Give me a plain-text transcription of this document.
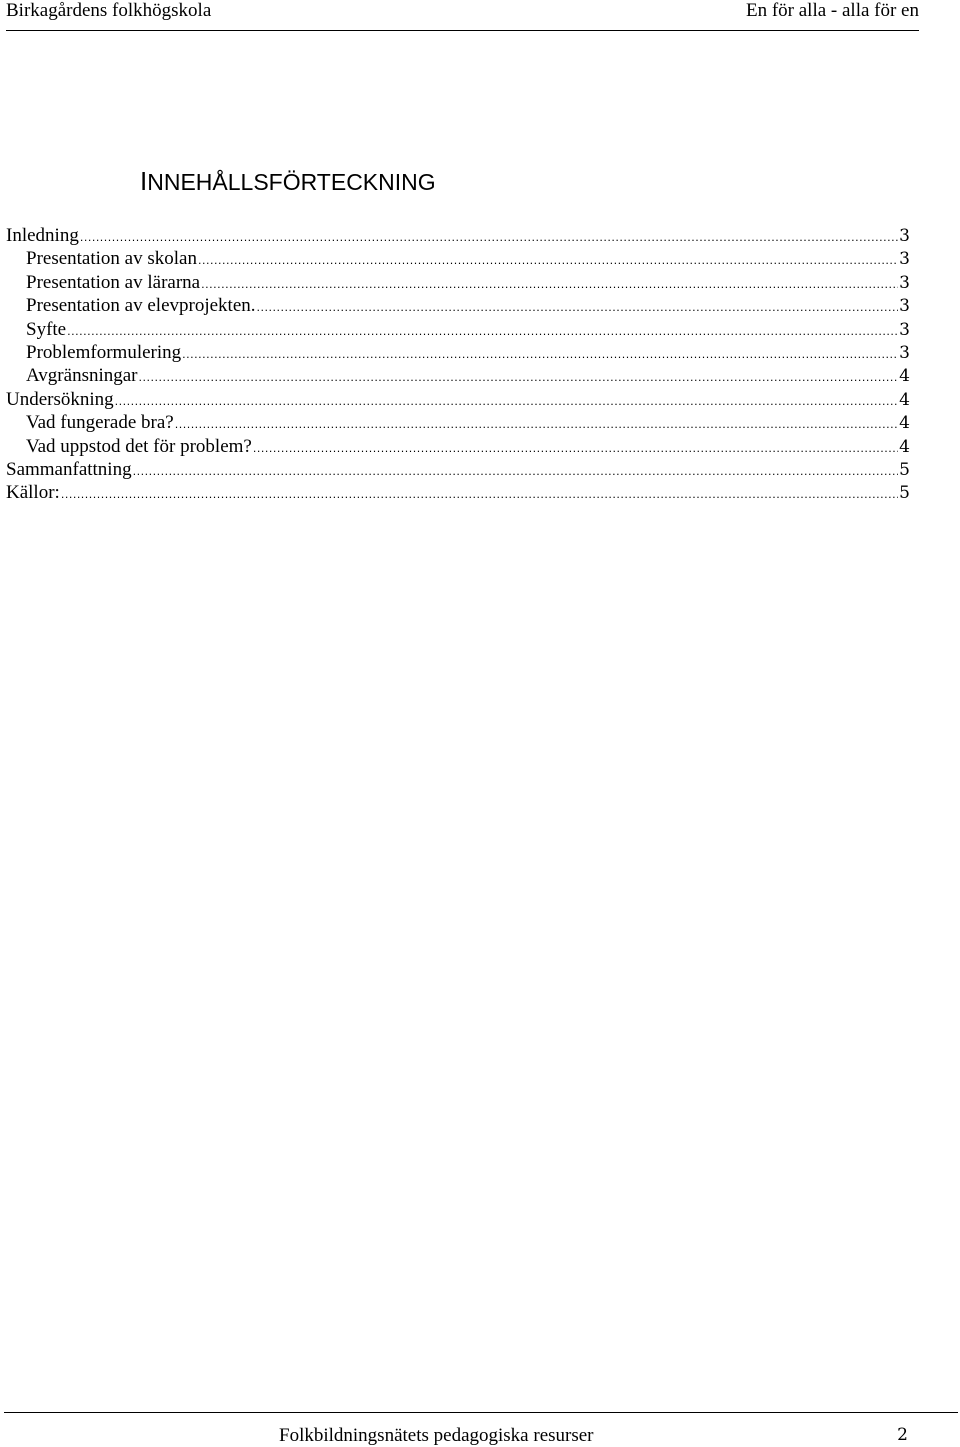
Birkagårdens folkhögskola	En för alla - alla för en
INNEHÅLLSFÖRTECKNING
Inledning .....	3
Presentation av skolan .....	3
Presentation av lärarna .....	3
Presentation av elevprojekten. .....	3
Syfte .....	3
Problemformulering .....	3
Avgränsningar .....	4
Undersökning .....	4
Vad fungerade bra? .....	4
Vad uppstod det för problem? .....	4
Sammanfattning .....	5
Källor: .....	5
Folkbildningsnätets pedagogiska resurser	2
